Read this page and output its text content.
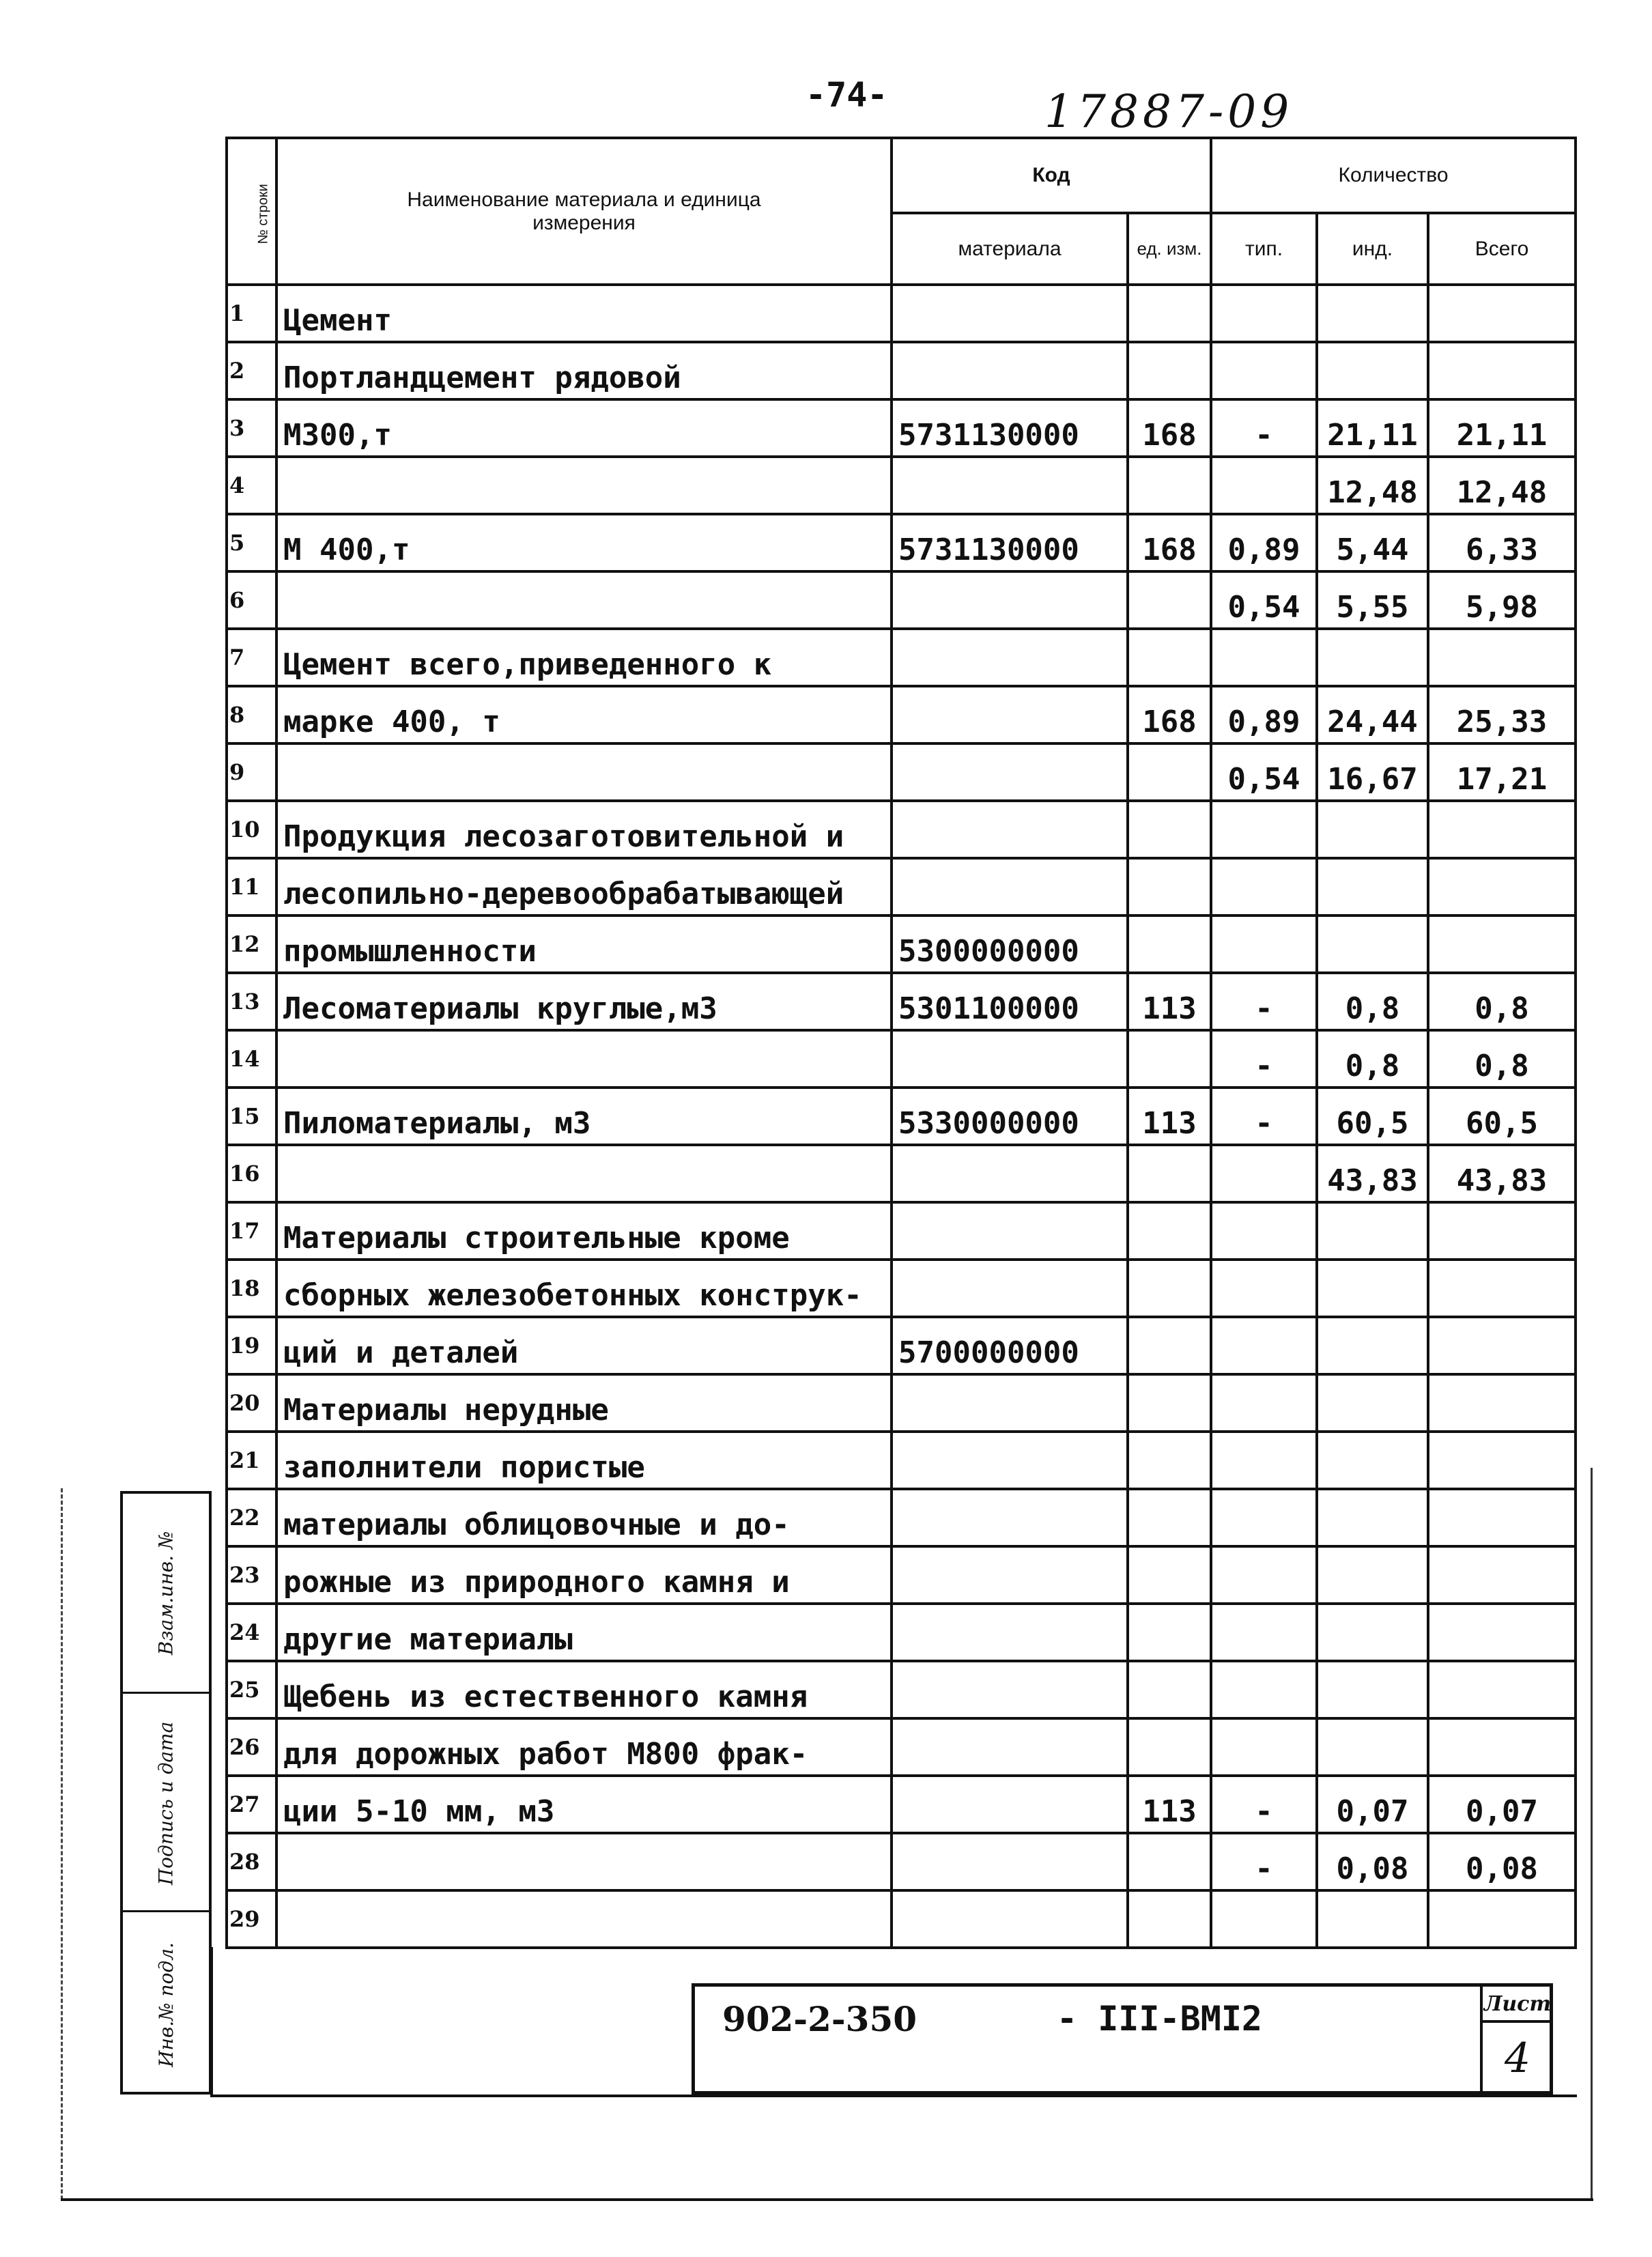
-74-	17887-09
№ строки	Наименование материала и единица измерения	Код		Количество		
		материала	ед. изм.	тип.	инд.	Всего
1	Цемент					
2	Портландцемент рядовой					
3	М300,т	5731130000	168	-	21,11	21,11
4					12,48	12,48
5	М 400,т	5731130000	168	0,89	5,44	6,33
6				0,54	5,55	5,98
7	Цемент всего,приведенного к					
8	марке 400, т		168	0,89	24,44	25,33
9				0,54	16,67	17,21
10	Продукция лесозаготовительной и					
11	лесопильно-деревообрабатывающей					
12	промышленности	5300000000				
13	Лесоматериалы круглые,м3	5301100000	113	-	0,8	0,8
14				-	0,8	0,8
15	Пиломатериалы, м3	5330000000	113	-	60,5	60,5
16					43,83	43,83
17	Материалы строительные кроме					
18	сборных железобетонных конструк-					
19	ций и деталей	5700000000				
20	Материалы нерудные					
21	заполнители пористые					
22	материалы облицовочные и до-					
23	рожные из природного камня и					
24	другие материалы					
25	Щебень из естественного камня					
26	для дорожных работ М800 фрак-					
27	ции 5-10 мм, м3		113	-	0,07	0,07
28				-	0,08	0,08
29						
Взам.инв. №
Подпись и дата
Инв.№ подл.	902-2-350	- III-ВМI2	Лист
4
